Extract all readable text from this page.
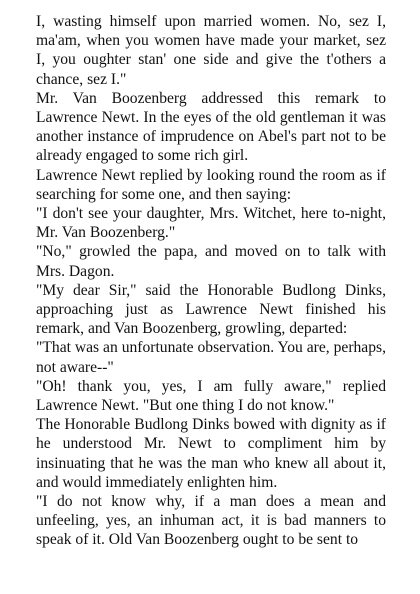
I, wasting himself upon married women. No, sez I, ma'am, when you women have made your market, sez I, you oughter stan' one side and give the t'others a chance, sez I."

Mr. Van Boozenberg addressed this remark to Lawrence Newt. In the eyes of the old gentleman it was another instance of imprudence on Abel's part not to be already engaged to some rich girl.

Lawrence Newt replied by looking round the room as if searching for some one, and then saying:

"I don't see your daughter, Mrs. Witchet, here to-night, Mr. Van Boozenberg."

"No," growled the papa, and moved on to talk with Mrs. Dagon.

"My dear Sir," said the Honorable Budlong Dinks, approaching just as Lawrence Newt finished his remark, and Van Boozenberg, growling, departed:

"That was an unfortunate observation. You are, perhaps, not aware--"

"Oh! thank you, yes, I am fully aware," replied Lawrence Newt. "But one thing I do not know."

The Honorable Budlong Dinks bowed with dignity as if he understood Mr. Newt to compliment him by insinuating that he was the man who knew all about it, and would immediately enlighten him.

"I do not know why, if a man does a mean and unfeeling, yes, an inhuman act, it is bad manners to speak of it. Old Van Boozenberg ought to be sent to
